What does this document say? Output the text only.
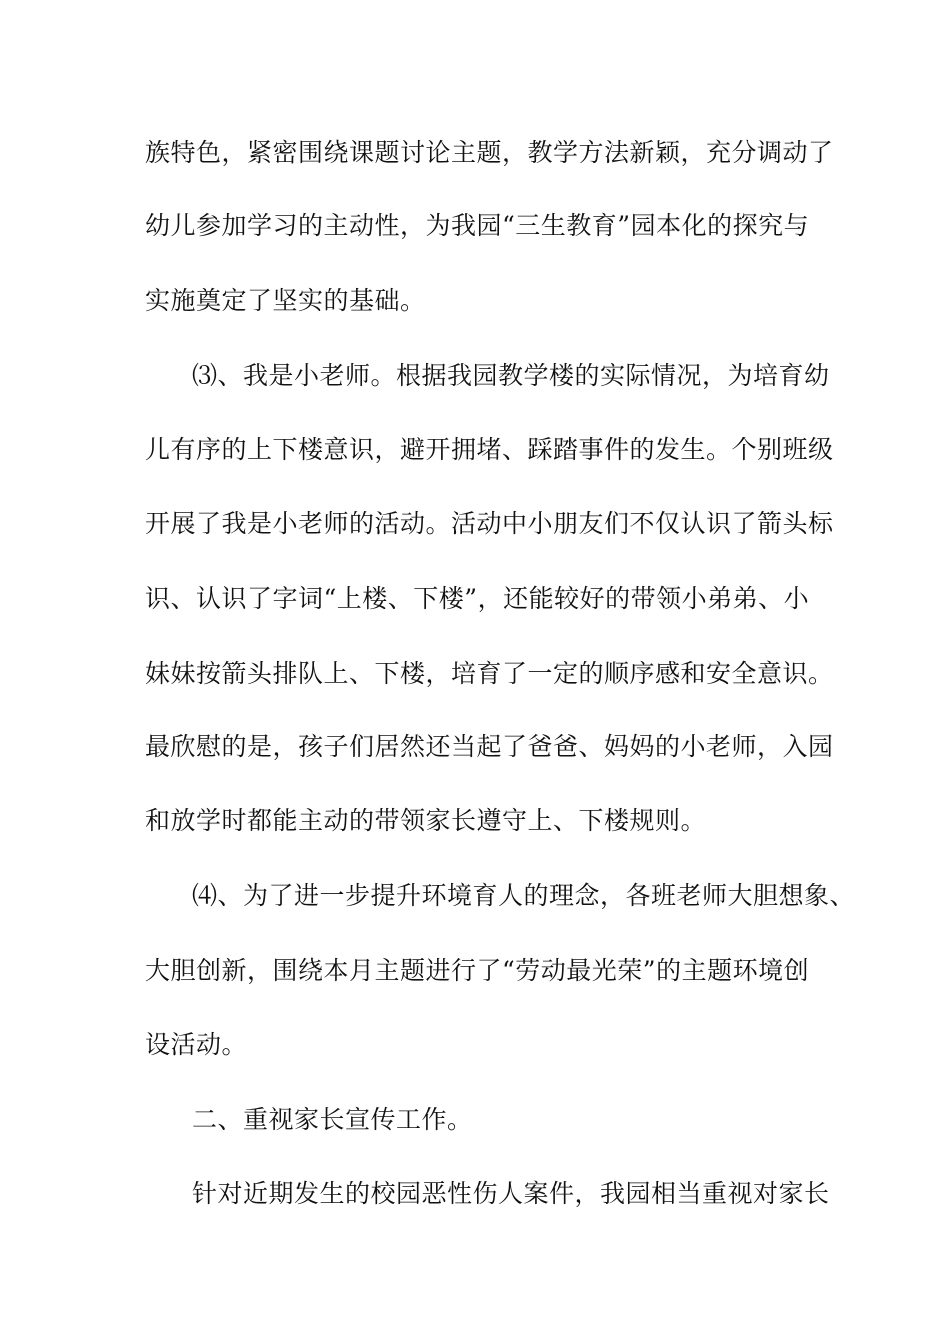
族特色，紧密围绕课题讨论主题，教学方法新颖，充分调动了
幼儿参加学习的主动性，为我园“三生教育”园本化的探究与
实施奠定了坚实的基础。
⑶、我是小老师。根据我园教学楼的实际情况，为培育幼
儿有序的上下楼意识，避开拥堵、踩踏事件的发生。个别班级
开展了我是小老师的活动。活动中小朋友们不仅认识了箭头标
识、认识了字词“上楼、下楼”，还能较好的带领小弟弟、小
妹妹按箭头排队上、下楼，培育了一定的顺序感和安全意识。
最欣慰的是，孩子们居然还当起了爸爸、妈妈的小老师，入园
和放学时都能主动的带领家长遵守上、下楼规则。
⑷、为了进一步提升环境育人的理念，各班老师大胆想象、
大胆创新，围绕本月主题进行了“劳动最光荣”的主题环境创
设活动。
二、重视家长宣传工作。
针对近期发生的校园恶性伤人案件，我园相当重视对家长
